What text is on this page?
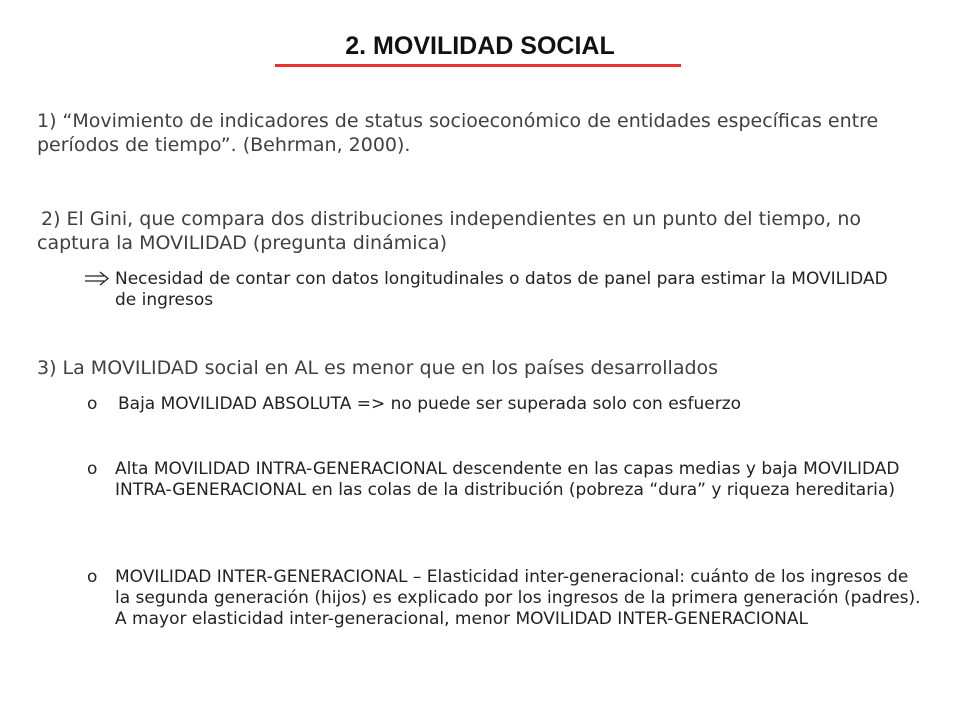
2. MOVILIDAD SOCIAL
1) “Movimiento de indicadores de status socioeconómico de entidades específicas entre períodos de tiempo”. (Behrman, 2000).
2) El Gini, que compara dos distribuciones independientes en un punto del tiempo, no captura la MOVILIDAD (pregunta dinámica)
Necesidad de contar con datos longitudinales o datos de panel para estimar la MOVILIDAD de ingresos
3) La MOVILIDAD social en AL es menor que en los países desarrollados
o	Baja MOVILIDAD ABSOLUTA => no puede ser superada solo con esfuerzo
o	Alta MOVILIDAD INTRA-GENERACIONAL descendente en las capas medias y baja MOVILIDAD INTRA-GENERACIONAL en las colas de la distribución (pobreza “dura” y riqueza hereditaria)
o	MOVILIDAD INTER-GENERACIONAL – Elasticidad inter-generacional: cuánto de los ingresos de la segunda generación (hijos) es explicado por los ingresos de la primera generación (padres). A mayor elasticidad inter-generacional, menor MOVILIDAD INTER-GENERACIONAL
